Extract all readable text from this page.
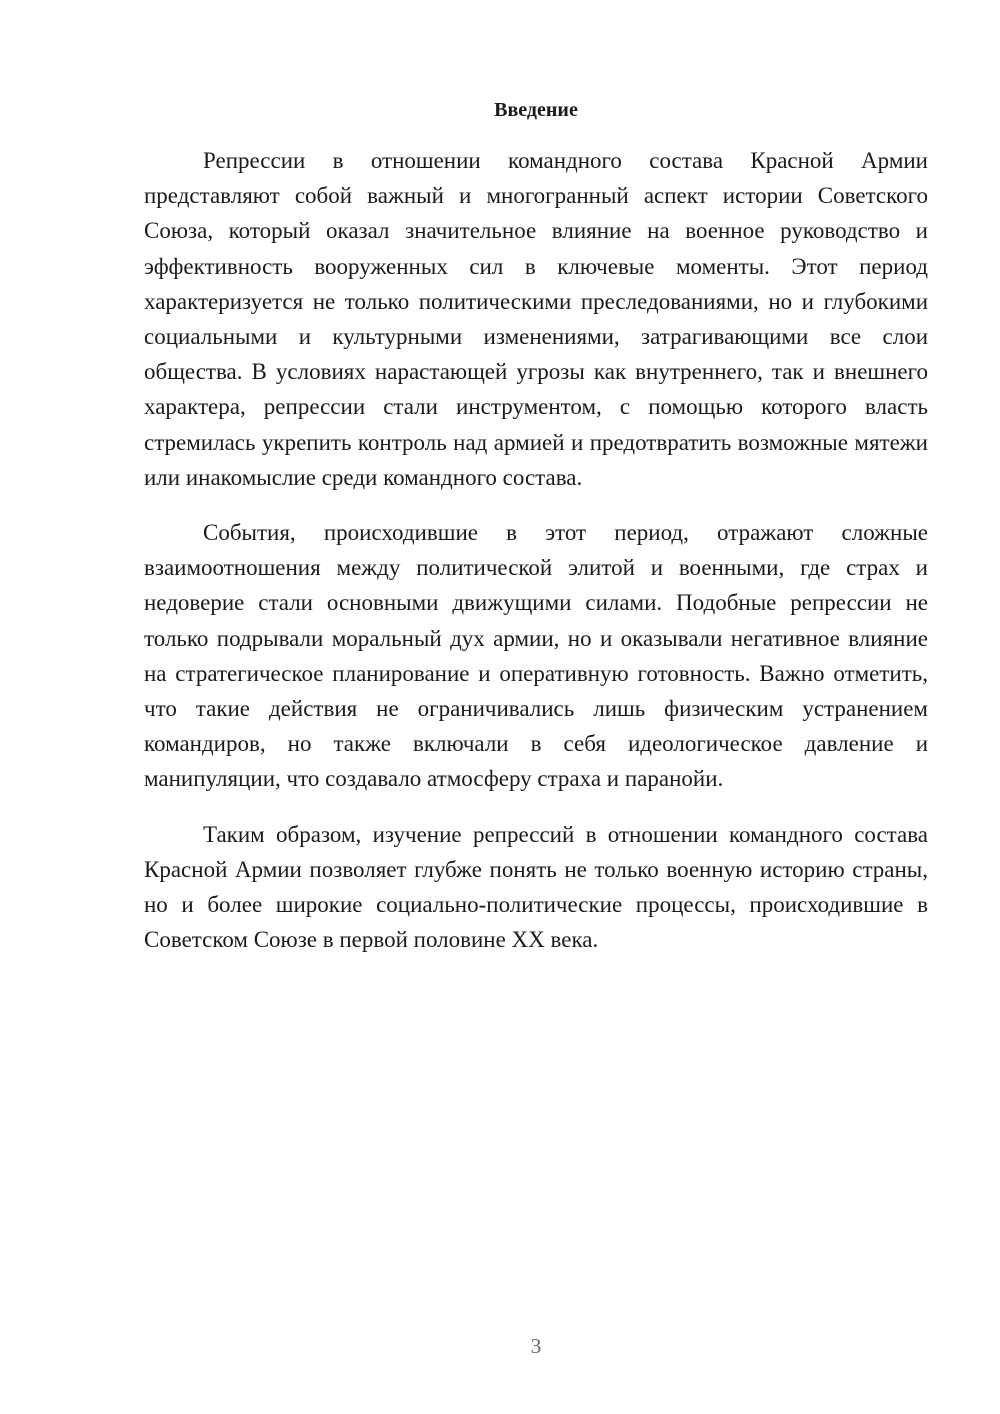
Введение

Репрессии в отношении командного состава Красной Армии представляют собой важный и многогранный аспект истории Советского Союза, который оказал значительное влияние на военное руководство и эффективность вооруженных сил в ключевые моменты. Этот период характеризуется не только политическими преследованиями, но и глубокими социальными и культурными изменениями, затрагивающими все слои общества. В условиях нарастающей угрозы как внутреннего, так и внешнего характера, репрессии стали инструментом, с помощью которого власть стремилась укрепить контроль над армией и предотвратить возможные мятежи или инакомыслие среди командного состава.

События, происходившие в этот период, отражают сложные взаимоотношения между политической элитой и военными, где страх и недоверие стали основными движущими силами. Подобные репрессии не только подрывали моральный дух армии, но и оказывали негативное влияние на стратегическое планирование и оперативную готовность. Важно отметить, что такие действия не ограничивались лишь физическим устранением командиров, но также включали в себя идеологическое давление и манипуляции, что создавало атмосферу страха и паранойи.

Таким образом, изучение репрессий в отношении командного состава Красной Армии позволяет глубже понять не только военную историю страны, но и более широкие социально-политические процессы, происходившие в Советском Союзе в первой половине XX века.

3
